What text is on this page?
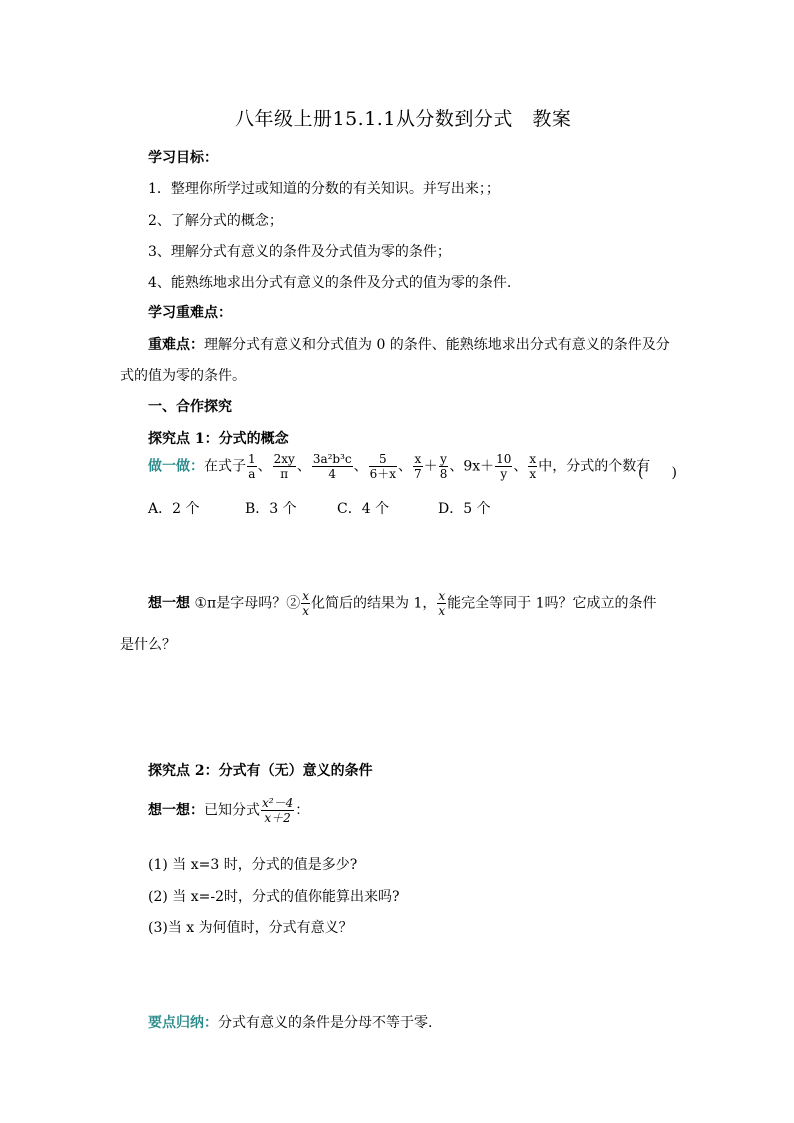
八年级上册15.1.1从分数到分式　教案
学习目标：
1．整理你所学过或知道的分数的有关知识。并写出来；；
2、了解分式的概念；
3、理解分式有意义的条件及分式值为零的条件；
4、能熟练地求出分式有意义的条件及分式的值为零的条件.
学习重难点：
重难点：理解分式有意义和分式值为 0 的条件、能熟练地求出分式有意义的条件及分
式的值为零的条件。
一、合作探究
探究点 1：分式的概念
做一做：在式子 $\frac{1}{a}$ 、 $\frac{2xy}{\pi}$ 、 $\frac{\text{3a²b³c}}{4}$ 、 $\frac{5}{6+x}$ 、 $\frac{x}{7} + \frac{y}{8}$ 、$9x+ \frac{10}{y}$ 、 $\frac{x}{x}$ 中，分式的个数有
(　　)
A．2 个	B．3 个	C．4 个	D．5 个
想一想 ①π是字母吗？② $\frac{x}{x}$ 化简后的结果为 1， $\frac{x}{x}$ 能完全等同于 1吗？它成立的条件
是什么？
探究点 2：分式有（无）意义的条件
想一想：已知分式 $\frac{\text{x²－4}}{x+2}$ ：
(1) 当 x=3 时，分式的值是多少?
(2) 当 x=-2时，分式的值你能算出来吗?
(3)当 x 为何值时，分式有意义？
要点归纳：分式有意义的条件是分母不等于零.
